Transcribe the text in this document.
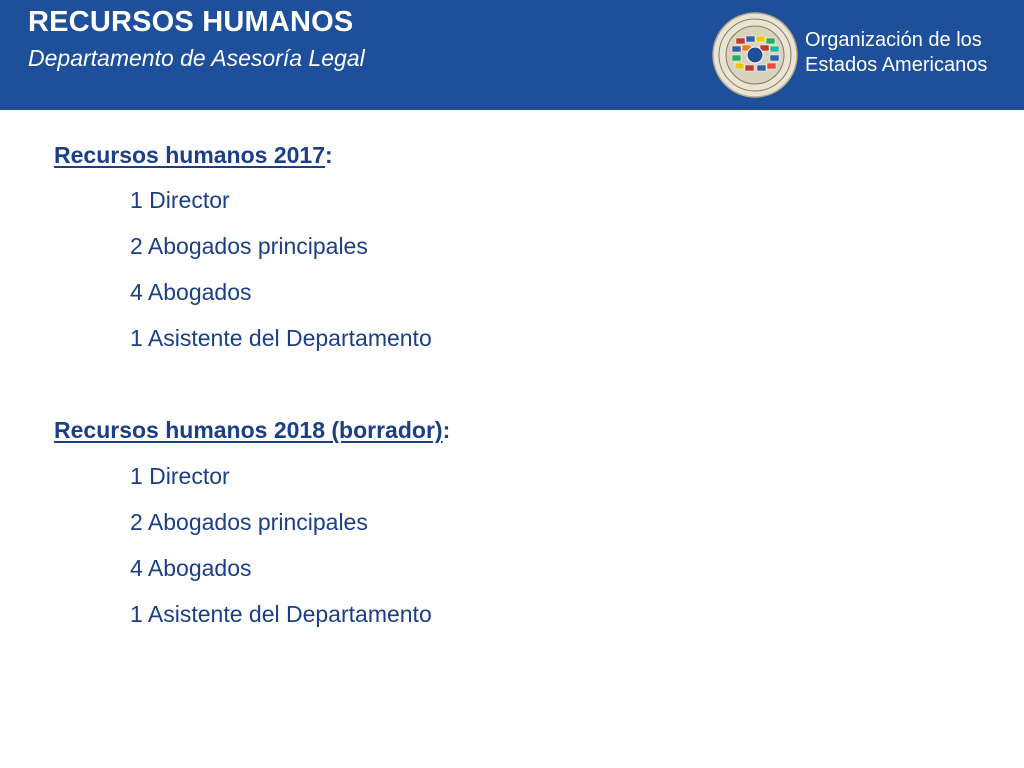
RECURSOS HUMANOS
Departamento de Asesoría Legal
Organización de los
Estados Americanos
Recursos humanos 2017:
1 Director
2 Abogados principales
4 Abogados
1 Asistente del Departamento
Recursos humanos 2018 (borrador):
1 Director
2 Abogados principales
4 Abogados
1 Asistente del Departamento
